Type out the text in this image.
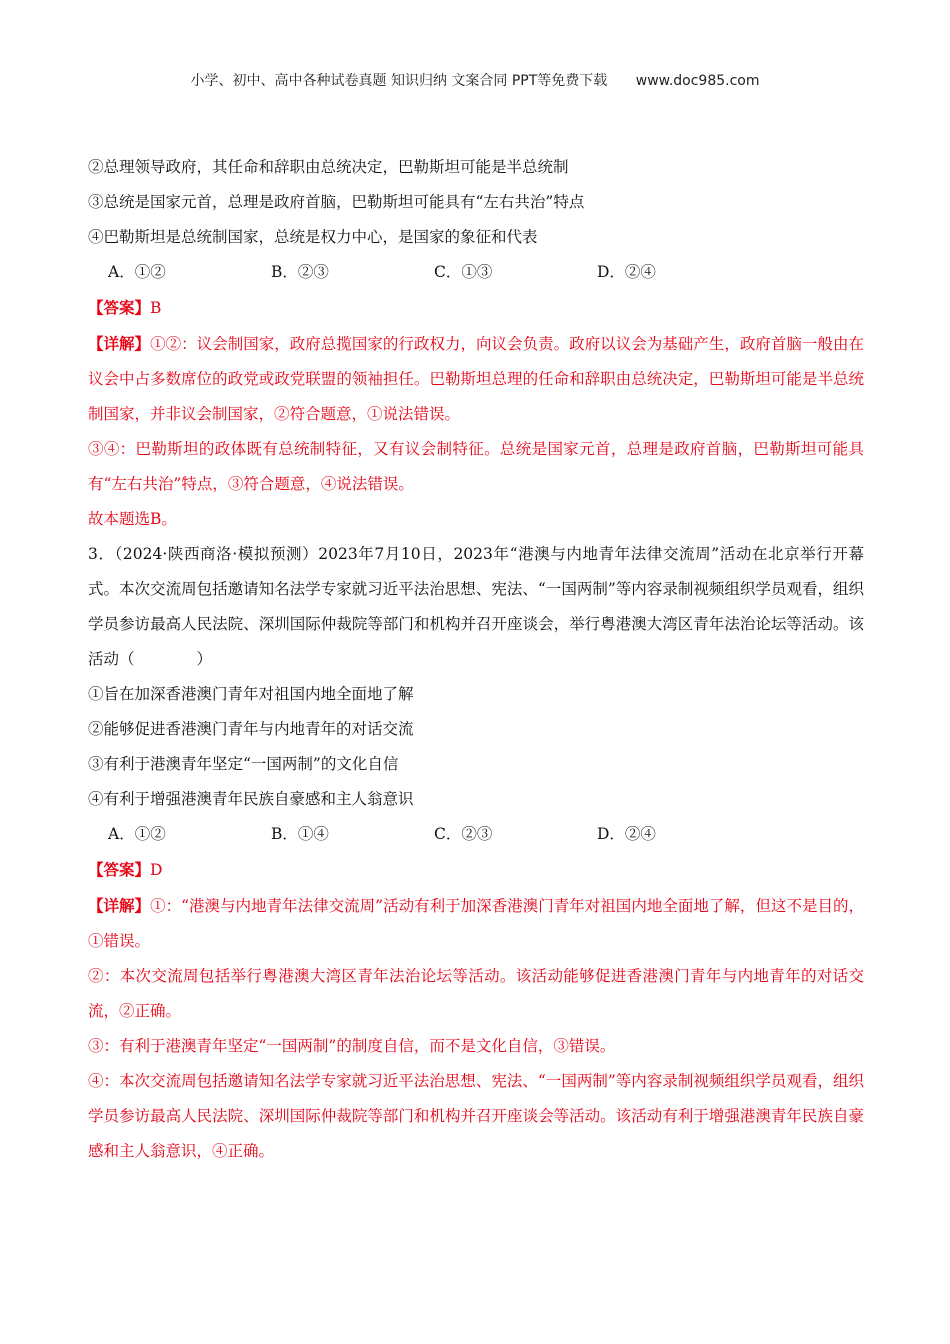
小学、初中、高中各种试卷真题 知识归纳 文案合同 PPT等免费下载 www.doc985.com
②总理领导政府，其任命和辞职由总统决定，巴勒斯坦可能是半总统制
③总统是国家元首，总理是政府首脑，巴勒斯坦可能具有“左右共治”特点
④巴勒斯坦是总统制国家，总统是权力中心，是国家的象征和代表
A．①②	B．②③	C．①③	D．②④
【答案】B
【详解】①②：议会制国家，政府总揽国家的行政权力，向议会负责。政府以议会为基础产生，政府首脑一般由在议会中占多数席位的政党或政党联盟的领袖担任。巴勒斯坦总理的任命和辞职由总统决定，巴勒斯坦可能是半总统制国家，并非议会制国家，②符合题意，①说法错误。
③④：巴勒斯坦的政体既有总统制特征，又有议会制特征。总统是国家元首，总理是政府首脑，巴勒斯坦可能具有“左右共治”特点，③符合题意，④说法错误。
故本题选B。
3．（2024·陕西商洛·模拟预测）2023年7月10日，2023年“港澳与内地青年法律交流周”活动在北京举行开幕式。本次交流周包括邀请知名法学专家就习近平法治思想、宪法、“一国两制”等内容录制视频组织学员观看，组织学员参访最高人民法院、深圳国际仲裁院等部门和机构并召开座谈会，举行粤港澳大湾区青年法治论坛等活动。该活动（　　　　）
①旨在加深香港澳门青年对祖国内地全面地了解
②能够促进香港澳门青年与内地青年的对话交流
③有利于港澳青年坚定“一国两制”的文化自信
④有利于增强港澳青年民族自豪感和主人翁意识
A．①②	B．①④	C．②③	D．②④
【答案】D
【详解】①：“港澳与内地青年法律交流周”活动有利于加深香港澳门青年对祖国内地全面地了解，但这不是目的，①错误。
②：本次交流周包括举行粤港澳大湾区青年法治论坛等活动。该活动能够促进香港澳门青年与内地青年的对话交流，②正确。
③：有利于港澳青年坚定“一国两制”的制度自信，而不是文化自信，③错误。
④：本次交流周包括邀请知名法学专家就习近平法治思想、宪法、“一国两制”等内容录制视频组织学员观看，组织学员参访最高人民法院、深圳国际仲裁院等部门和机构并召开座谈会等活动。该活动有利于增强港澳青年民族自豪感和主人翁意识，④正确。
